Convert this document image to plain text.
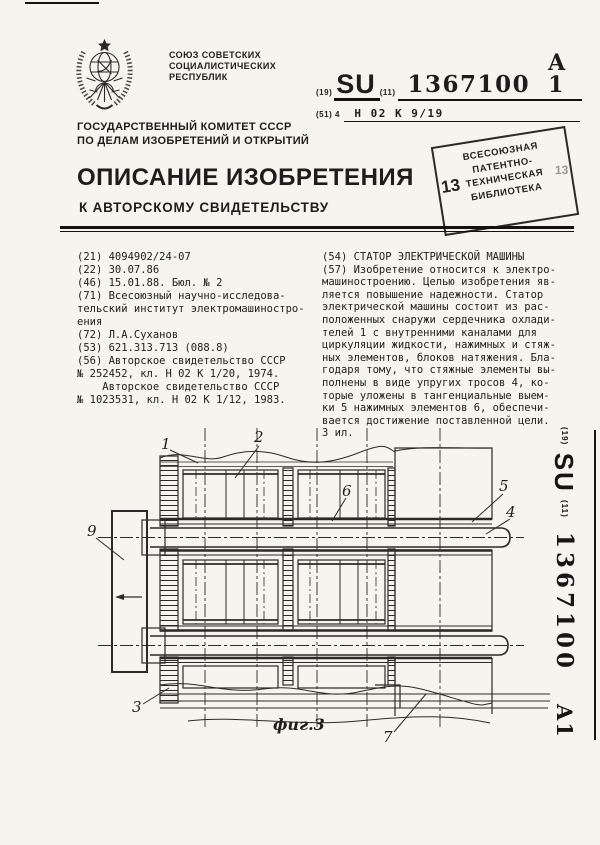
СОЮЗ СОВЕТСКИХ
СОЦИАЛИСТИЧЕСКИХ
РЕСПУБЛИК
ГОСУДАРСТВЕННЫЙ КОМИТЕТ СССР
ПО ДЕЛАМ ИЗОБРЕТЕНИЙ И ОТКРЫТИЙ
(19) SU (11) 1367100
A 1
(51) 4 Н 02 К 9/19
13
13
ВСЕСОЮЗНАЯ
ПАТЕНТНО-
ТЕХНИЧЕСКАЯ
БИБЛИОТЕКА
ОПИСАНИЕ ИЗОБРЕТЕНИЯ
К АВТОРСКОМУ СВИДЕТЕЛЬСТВУ
(21) 4094902/24-07
(22) 30.07.86
(46) 15.01.88. Бюл. № 2
(71) Всесоюзный научно-исследова-
тельский институт электромашиностро-
ения
(72) Л.А.Суханов
(53) 621.313.713 (088.8)
(56) Авторское свидетельство СССР
№ 252452, кл. Н 02 К 1/20, 1974.
Авторское свидетельство СССР
№ 1023531, кл. Н 02 К 1/12, 1983.
(54) СТАТОР ЭЛЕКТРИЧЕСКОЙ МАШИНЫ
(57) Изобретение относится к электро-
машиностроению. Целью изобретения яв-
ляется повышение надежности. Статор
электрической машины состоит из рас-
положенных снаружи сердечника охлади-
телей 1 с внутренними каналами для
циркуляции жидкости, нажимных и стяж-
ных элементов, блоков натяжения. Бла-
годаря тому, что стяжные элементы вы-
полнены в виде упругих тросов 4, ко-
торые уложены в тангенциальные выем-
ки 5 нажимных элементов 6, обеспечи-
вается достижение поставленной цели.
3 ил.
1	2
6	5
4
9
3
7
фиг.3
(19) SU (11) 1367100 A1
